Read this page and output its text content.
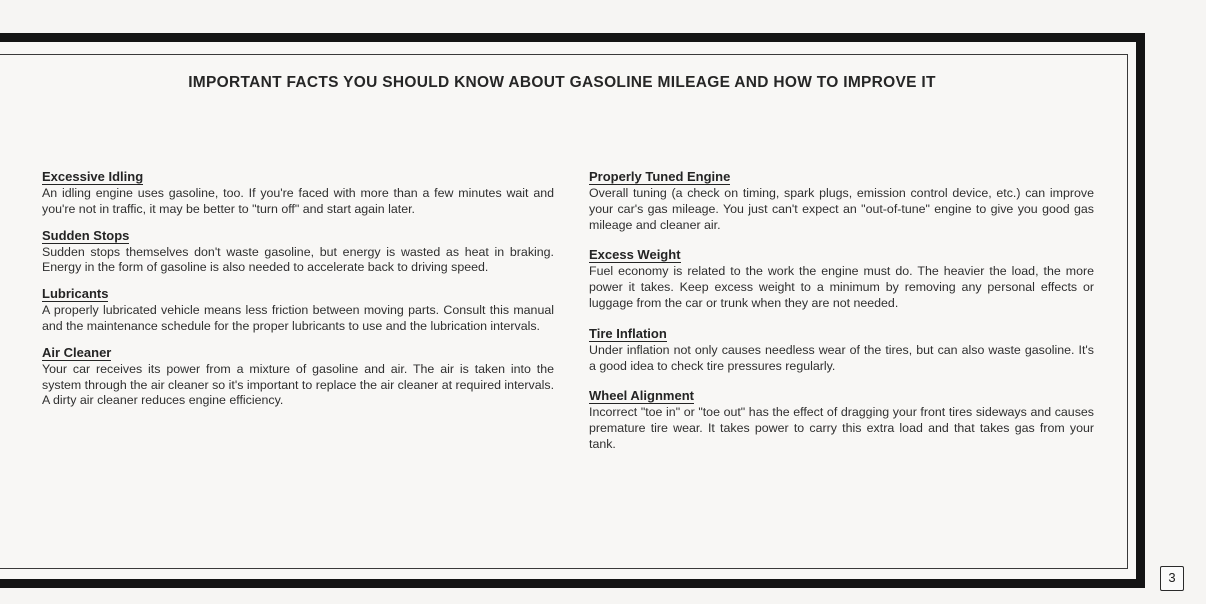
IMPORTANT FACTS YOU SHOULD KNOW ABOUT GASOLINE MILEAGE AND HOW TO IMPROVE IT
Excessive Idling

An idling engine uses gasoline, too. If you're faced with more than a few minutes wait and you're not in traffic, it may be better to "turn off" and start again later.

Sudden Stops

Sudden stops themselves don't waste gasoline, but energy is wasted as heat in braking. Energy in the form of gasoline is also needed to accelerate back to driving speed.

Lubricants

A properly lubricated vehicle means less friction between moving parts. Consult this manual and the maintenance schedule for the proper lubricants to use and the lubrication intervals.

Air Cleaner

Your car receives its power from a mixture of gasoline and air. The air is taken into the system through the air cleaner so it's important to replace the air cleaner at required intervals. A dirty air cleaner reduces engine efficiency.

Properly Tuned Engine

Overall tuning (a check on timing, spark plugs, emission control device, etc.) can improve your car's gas mileage. You just can't expect an "out-of-tune" engine to give you good gas mileage and cleaner air.

Excess Weight

Fuel economy is related to the work the engine must do. The heavier the load, the more power it takes. Keep excess weight to a minimum by removing any personal effects or luggage from the car or trunk when they are not needed.

Tire Inflation

Under inflation not only causes needless wear of the tires, but can also waste gasoline. It's a good idea to check tire pressures regularly.

Wheel Alignment

Incorrect "toe in" or "toe out" has the effect of dragging your front tires sideways and causes premature tire wear. It takes power to carry this extra load and that takes gas from your tank.

3
